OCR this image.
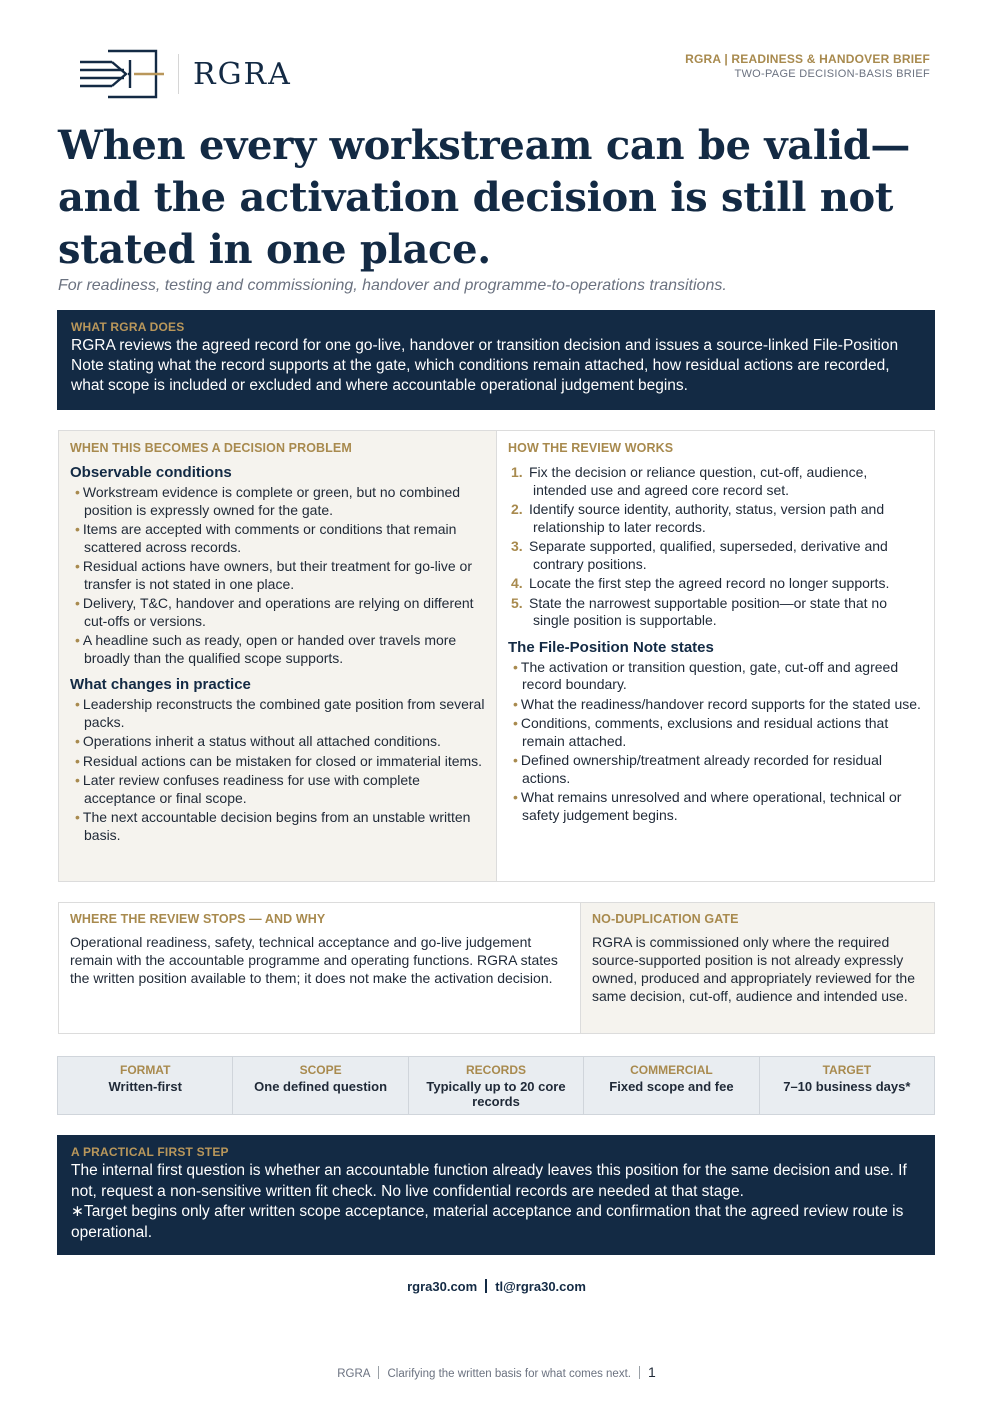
RGRA	RGRA | READINESS & HANDOVER BRIEF
TWO-PAGE DECISION-BASIS BRIEF
When every workstream can be valid—and the activation decision is still not stated in one place.
For readiness, testing and commissioning, handover and programme-to-operations transitions.
WHAT RGRA DOES
RGRA reviews the agreed record for one go-live, handover or transition decision and issues a source-linked File-Position Note stating what the record supports at the gate, which conditions remain attached, how residual actions are recorded, what scope is included or excluded and where accountable operational judgement begins.
WHEN THIS BECOMES A DECISION PROBLEM
Observable conditions
• Workstream evidence is complete or green, but no combined position is expressly owned for the gate.
• Items are accepted with comments or conditions that remain scattered across records.
• Residual actions have owners, but their treatment for go-live or transfer is not stated in one place.
• Delivery, T&C, handover and operations are relying on different cut-offs or versions.
• A headline such as ready, open or handed over travels more broadly than the qualified scope supports.
What changes in practice
• Leadership reconstructs the combined gate position from several packs.
• Operations inherit a status without all attached conditions.
• Residual actions can be mistaken for closed or immaterial items.
• Later review confuses readiness for use with complete acceptance or final scope.
• The next accountable decision begins from an unstable written basis.
HOW THE REVIEW WORKS
1. Fix the decision or reliance question, cut-off, audience, intended use and agreed core record set.
2. Identify source identity, authority, status, version path and relationship to later records.
3. Separate supported, qualified, superseded, derivative and contrary positions.
4. Locate the first step the agreed record no longer supports.
5. State the narrowest supportable position—or state that no single position is supportable.
The File-Position Note states
• The activation or transition question, gate, cut-off and agreed record boundary.
• What the readiness/handover record supports for the stated use.
• Conditions, comments, exclusions and residual actions that remain attached.
• Defined ownership/treatment already recorded for residual actions.
• What remains unresolved and where operational, technical or safety judgement begins.
WHERE THE REVIEW STOPS — AND WHY
Operational readiness, safety, technical acceptance and go-live judgement remain with the accountable programme and operating functions. RGRA states the written position available to them; it does not make the activation decision.
NO-DUPLICATION GATE
RGRA is commissioned only where the required source-supported position is not already expressly owned, produced and appropriately reviewed for the same decision, cut-off, audience and intended use.
FORMAT
Written-first
SCOPE
One defined question
RECORDS
Typically up to 20 core records
COMMERCIAL
Fixed scope and fee
TARGET
7–10 business days*
A PRACTICAL FIRST STEP
The internal first question is whether an accountable function already leaves this position for the same decision and use. If not, request a non-sensitive written fit check. No live confidential records are needed at that stage.
∗Target begins only after written scope acceptance, material acceptance and confirmation that the agreed review route is operational.
rgra30.com tl@rgra30.com
RGRA Clarifying the written basis for what comes next. 1
